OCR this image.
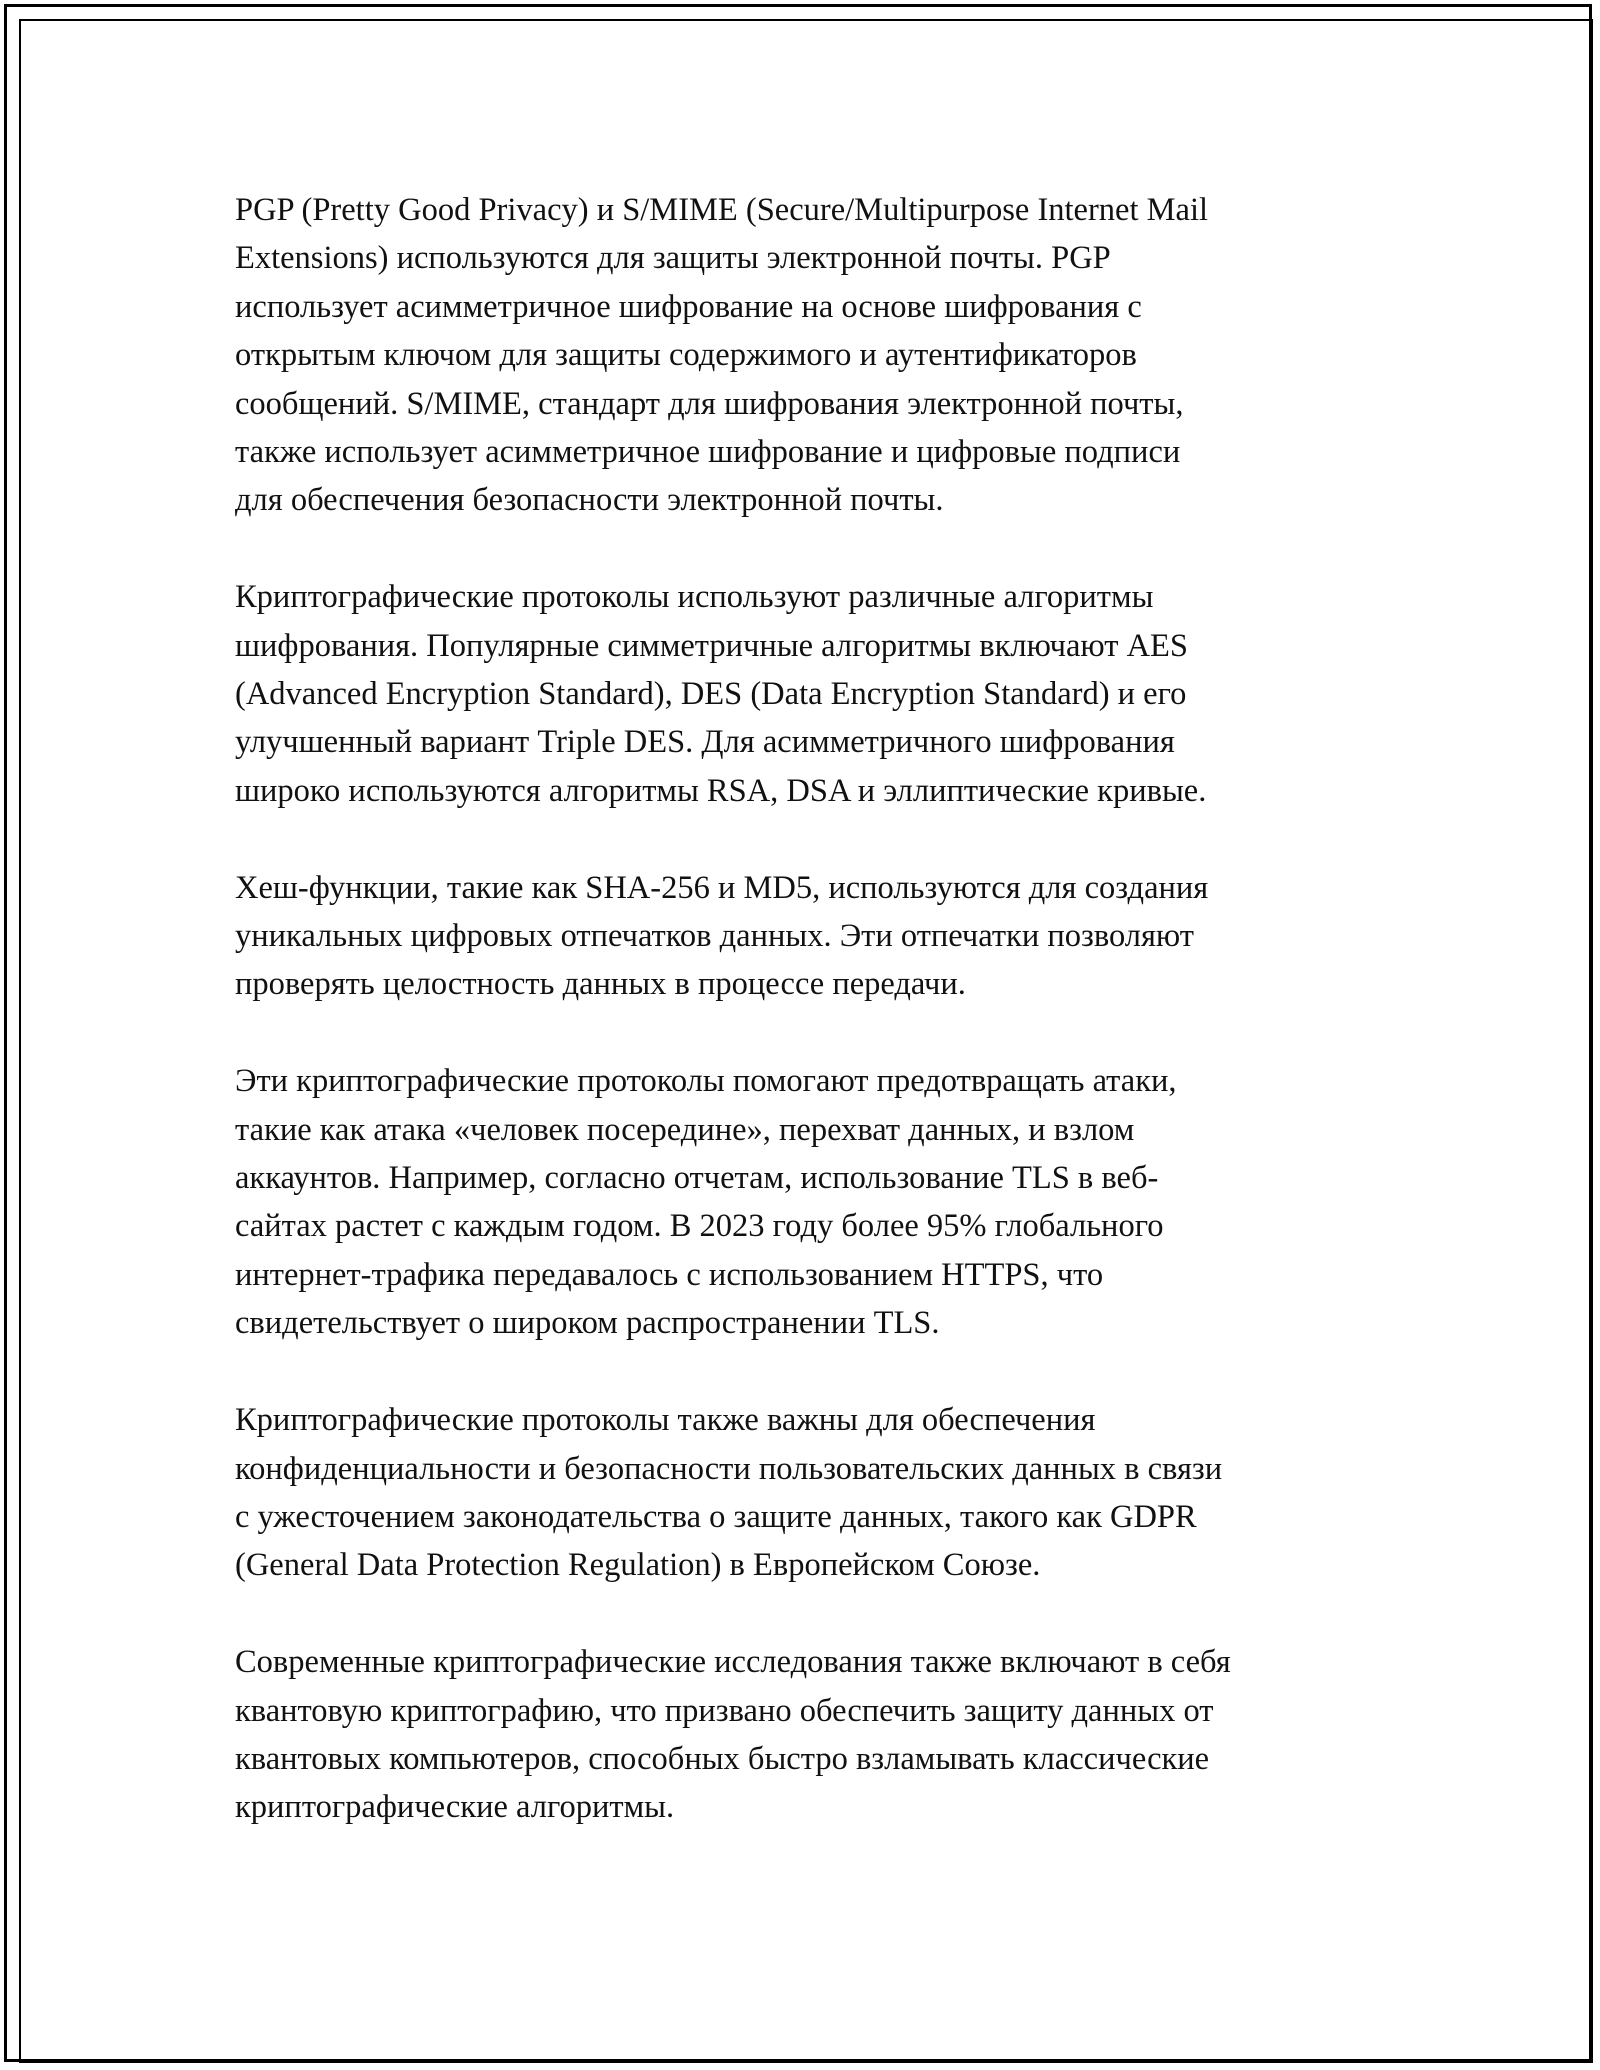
PGP (Pretty Good Privacy) и S/MIME (Secure/Multipurpose Internet Mail
Extensions) используются для защиты электронной почты. PGP
использует асимметричное шифрование на основе шифрования с
открытым ключом для защиты содержимого и аутентификаторов
сообщений. S/MIME, стандарт для шифрования электронной почты,
также использует асимметричное шифрование и цифровые подписи
для обеспечения безопасности электронной почты.

Криптографические протоколы используют различные алгоритмы
шифрования. Популярные симметричные алгоритмы включают AES
(Advanced Encryption Standard), DES (Data Encryption Standard) и его
улучшенный вариант Triple DES. Для асимметричного шифрования
широко используются алгоритмы RSA, DSA и эллиптические кривые.

Хеш-функции, такие как SHA-256 и MD5, используются для создания
уникальных цифровых отпечатков данных. Эти отпечатки позволяют
проверять целостность данных в процессе передачи.

Эти криптографические протоколы помогают предотвращать атаки,
такие как атака «человек посередине», перехват данных, и взлом
аккаунтов. Например, согласно отчетам, использование TLS в веб-
сайтах растет с каждым годом. В 2023 году более 95% глобального
интернет-трафика передавалось с использованием HTTPS, что
свидетельствует о широком распространении TLS.

Криптографические протоколы также важны для обеспечения
конфиденциальности и безопасности пользовательских данных в связи
с ужесточением законодательства о защите данных, такого как GDPR
(General Data Protection Regulation) в Европейском Союзе.

Современные криптографические исследования также включают в себя
квантовую криптографию, что призвано обеспечить защиту данных от
квантовых компьютеров, способных быстро взламывать классические
криптографические алгоритмы.
